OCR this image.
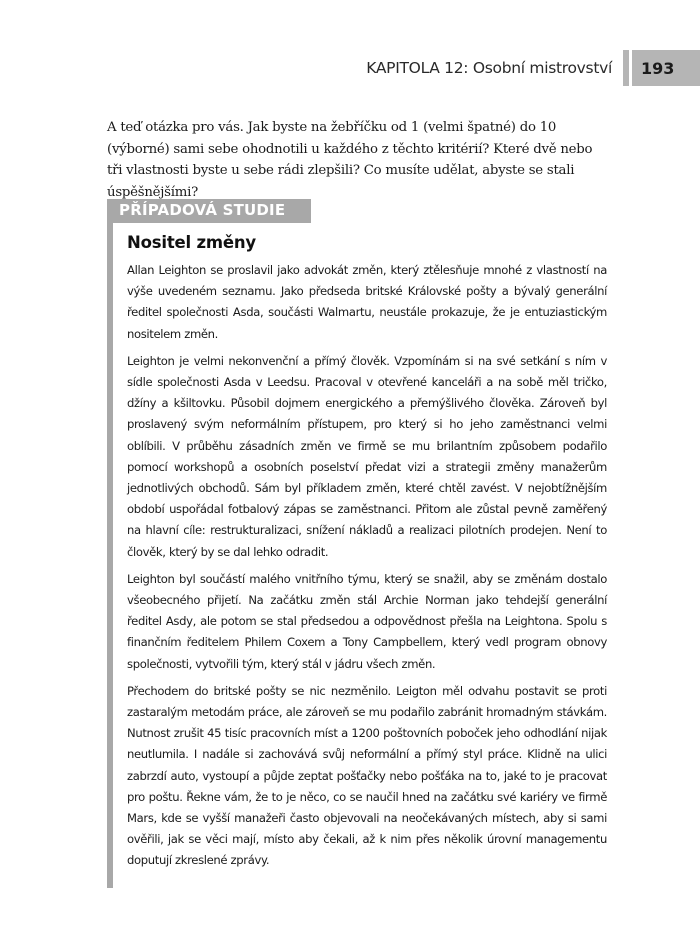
KAPITOLA 12: Osobní mistrovství 193

A teď otázka pro vás. Jak byste na žebříčku od 1 (velmi špatné) do 10 (výborné) sami sebe ohodnotili u každého z těchto kritérií? Které dvě nebo tři vlastnosti byste u sebe rádi zlepšili? Co musíte udělat, abyste se stali úspěšnějšími?

PŘÍPADOVÁ STUDIE
Nositel změny

Allan Leighton se proslavil jako advokát změn, který ztělesňuje mnohé z vlastností na výše uvedeném seznamu. Jako předseda britské Královské pošty a bývalý generální ředitel společnosti Asda, součásti Walmartu, neustále prokazuje, že je entuziastickým nositelem změn.

Leighton je velmi nekonvenční a přímý člověk. Vzpomínám si na své setkání s ním v sídle společnosti Asda v Leedsu. Pracoval v otevřené kanceláři a na sobě měl tričko, džíny a kšiltovku. Působil dojmem energického a přemýšlivého člověka. Zároveň byl proslavený svým neformálním přístupem, pro který si ho jeho zaměstnanci velmi oblíbili. V průběhu zásadních změn ve firmě se mu brilantním způsobem podařilo pomocí workshopů a osobních poselství předat vizi a strategii změny manažerům jednotlivých obchodů. Sám byl příkladem změn, které chtěl zavést. V nejobtížnějším období uspořádal fotbalový zápas se zaměstnanci. Přitom ale zůstal pevně zaměřený na hlavní cíle: restrukturalizaci, snížení nákladů a realizaci pilotních prodejen. Není to člověk, který by se dal lehko odradit.

Leighton byl součástí malého vnitřního týmu, který se snažil, aby se změnám dostalo všeobecného přijetí. Na začátku změn stál Archie Norman jako tehdejší generální ředitel Asdy, ale potom se stal předsedou a odpovědnost přešla na Leightona. Spolu s finančním ředitelem Philem Coxem a Tony Campbellem, který vedl program obnovy společnosti, vytvořili tým, který stál v jádru všech změn.

Přechodem do britské pošty se nic nezměnilo. Leigton měl odvahu postavit se proti zastaralým metodám práce, ale zároveň se mu podařilo zabránit hromadným stávkám. Nutnost zrušit 45 tisíc pracovních míst a 1200 poštovních poboček jeho odhodlání nijak neutlumila. I nadále si zachovává svůj neformální a přímý styl práce. Klidně na ulici zabrzdí auto, vystoupí a půjde zeptat pošťačky nebo pošťáka na to, jaké to je pracovat pro poštu. Řekne vám, že to je něco, co se naučil hned na začátku své kariéry ve firmě Mars, kde se vyšší manažeři často objevovali na neočekávaných místech, aby si sami ověřili, jak se věci mají, místo aby čekali, až k nim přes několik úrovní managementu doputují zkreslené zprávy.
